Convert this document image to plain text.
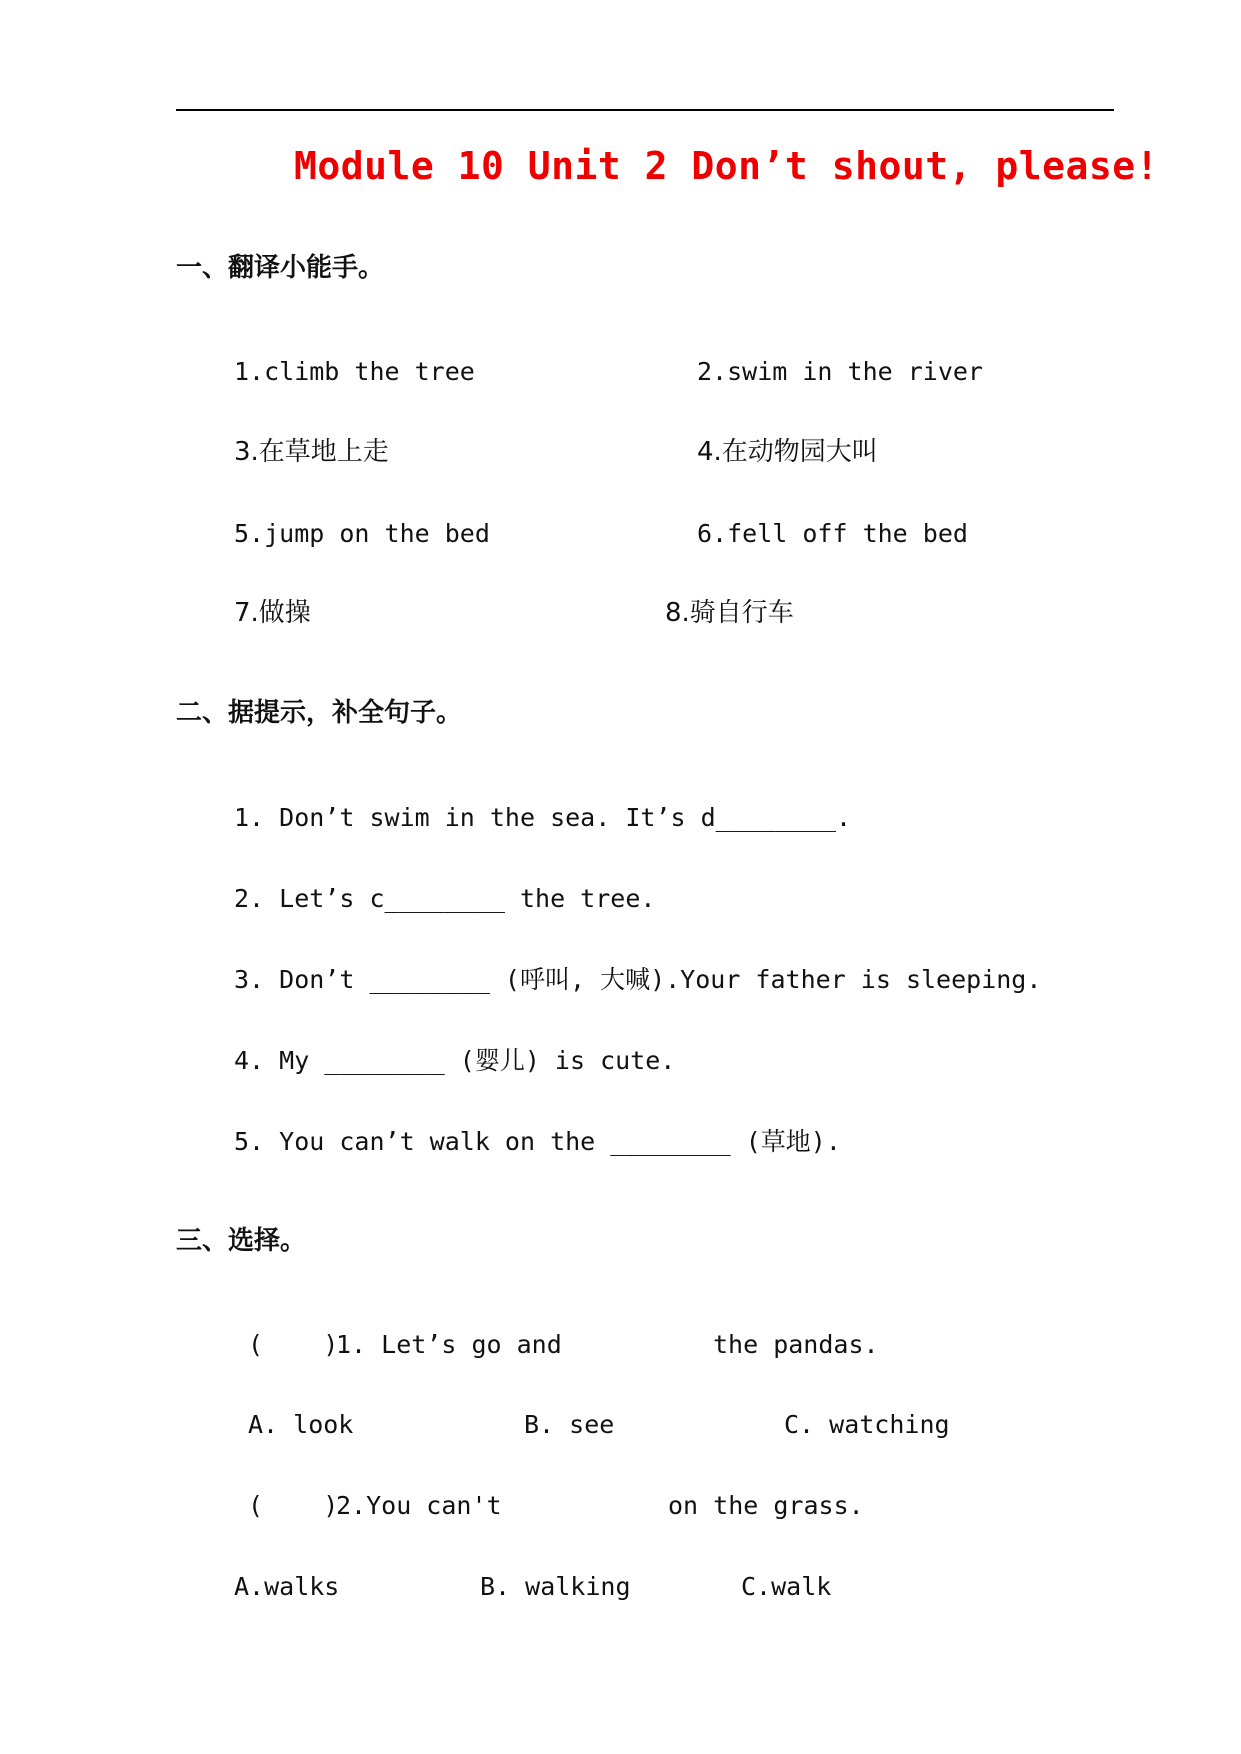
Module 10 Unit 2 Don’t shout, please!
一、翻译小能手。
1.climb the tree	2.swim in the river
3.在草地上走	4.在动物园大叫
5.jump on the bed	6.fell off the bed
7.做操	8.骑自行车
二、据提示，补全句子。
1. Don’t swim in the sea. It’s d________.
2. Let’s c________ the tree.
3. Don’t ________ (呼叫, 大喊).Your father is sleeping.
4. My ________ (婴儿) is cute.
5. You can’t walk on the ________ (草地).
三、选择。
(    )
1. Let’s go and	the pandas.
A. look	B. see	C. watching
(    )
2.You can't	on the grass.
A.walks	B. walking	C.walk
